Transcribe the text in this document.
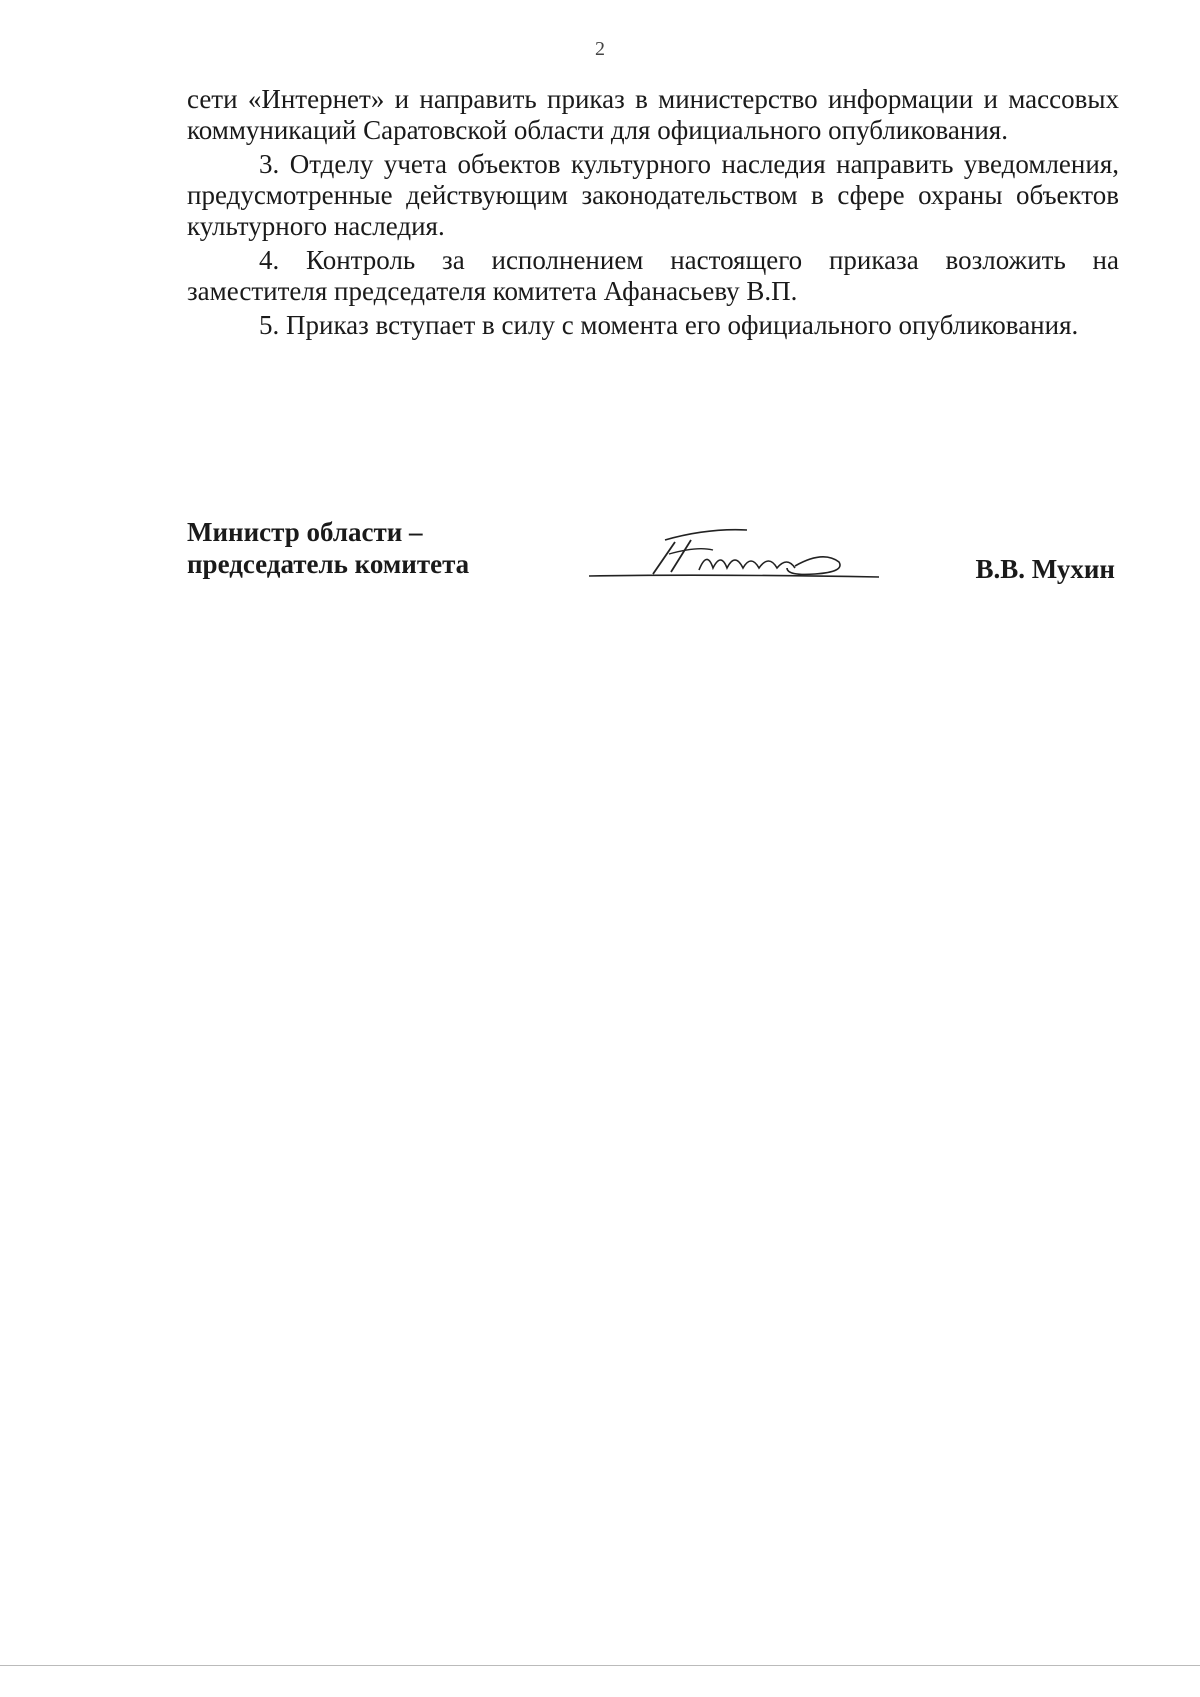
2

сети «Интернет» и направить приказ в министерство информации и массовых коммуникаций Саратовской области для официального опубликования.

3. Отделу учета объектов культурного наследия направить уведомления, предусмотренные действующим законодательством в сфере охраны объектов культурного наследия.

4. Контроль за исполнением настоящего приказа возложить на заместителя председателя комитета Афанасьеву В.П.

5. Приказ вступает в силу с момента его официального опубликования.

Министр области –
председатель комитета	В.В. Мухин
